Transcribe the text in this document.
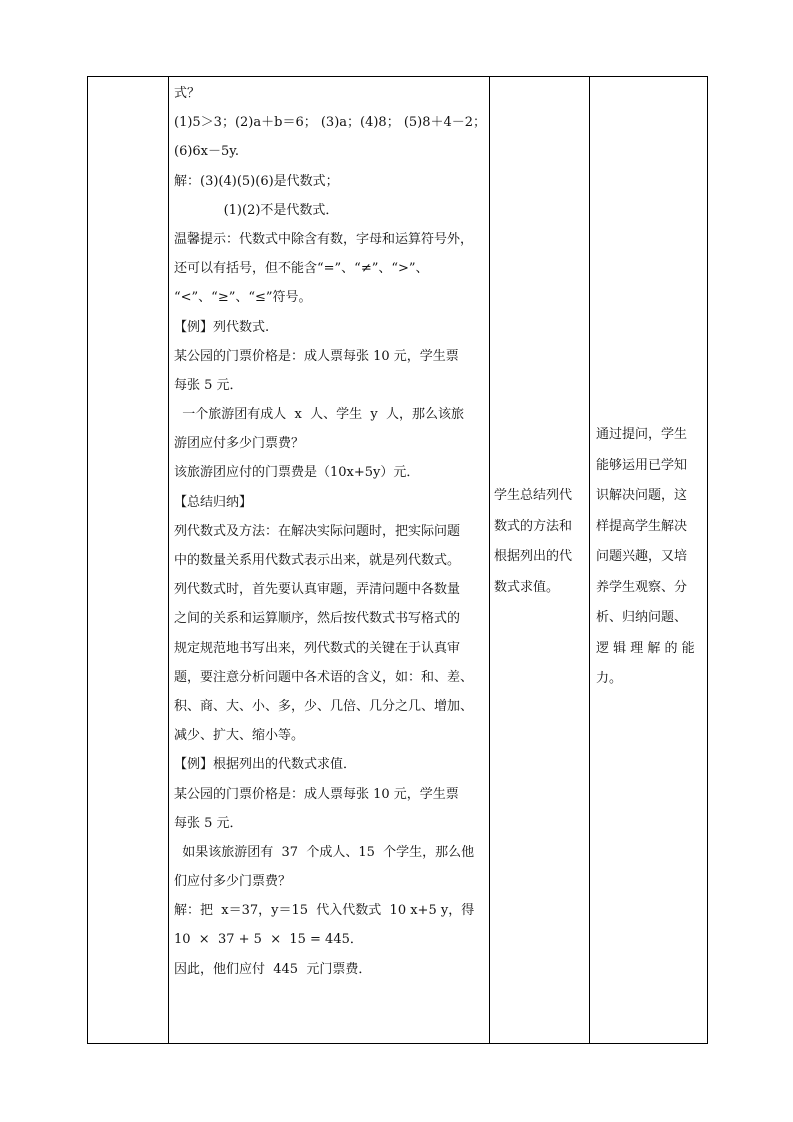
式？
(1)5＞3；(2)a＋b＝6； (3)a；(4)8； (5)8＋4－2；
(6)6x－5y.
解：(3)(4)(5)(6)是代数式；
(1)(2)不是代数式．
温馨提示：代数式中除含有数，字母和运算符号外，
还可以有括号，但不能含“=”、“≠”、“>”、
“<”、“≥”、“≤”符号。
【例】列代数式.
某公园的门票价格是：成人票每张 10 元，学生票
每张 5 元．
一个旅游团有成人  x  人、学生  y  人，那么该旅
游团应付多少门票费？
该旅游团应付的门票费是（10x+5y）元．
【总结归纳】
列代数式及方法：在解决实际问题时，把实际问题
中的数量关系用代数式表示出来，就是列代数式。
列代数式时，首先要认真审题，弄清问题中各数量
之间的关系和运算顺序，然后按代数式书写格式的
规定规范地书写出来，列代数式的关键在于认真审
题，要注意分析问题中各术语的含义，如：和、差、
积、商、大、小、多，少、几倍、几分之几、增加、
减少、扩大、缩小等。
【例】根据列出的代数式求值．
某公园的门票价格是：成人票每张 10 元，学生票
每张 5 元．
如果该旅游团有  37  个成人、15  个学生，那么他
们应付多少门票费？
解：把  x＝37，y＝15  代入代数式  10 x+5 y，得
10  ×  37 + 5  ×  15 = 445．
因此，他们应付  445  元门票费．
学生总结列代
数式的方法和
根据列出的代
数式求值。
通过提问，学生
能够运用已学知
识解决问题，这
样提高学生解决
问题兴趣，又培
养学生观察、分
析、归纳问题、
逻 辑 理 解 的 能
力。
